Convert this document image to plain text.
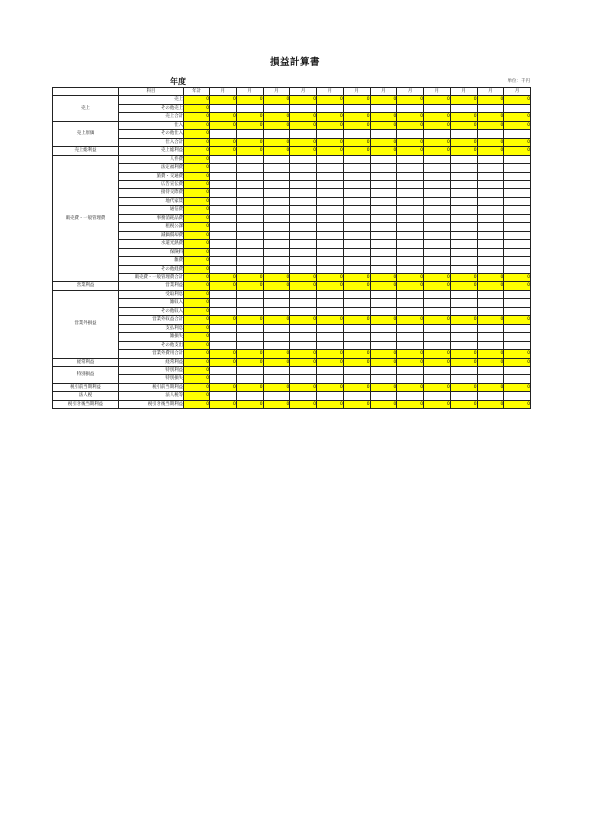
損益計算書
年度	単位：千円
	科目	年計	月	月	月	月	月	月	月	月	月	月	月	月
売上	売上	0	0	0	0	0	0	0	0	0	0	0	0	0
	その他売上	0												
	売上合計	0	0	0	0	0	0	0	0	0	0	0	0	0
売上原価	仕入	0	0	0	0	0	0	0	0	0	0	0	0	0
	その他仕入	0												
	仕入合計	0	0	0	0	0	0	0	0	0	0	0	0	0
売上総利益	売上総利益	0	0	0	0	0	0	0	0	0	0	0	0	0
販売費・一般管理費	人件費	0												
	法定福利費	0												
	旅費・交通費	0												
	広告宣伝費	0												
	接待交際費	0												
	地代家賃	0												
	通信費	0												
	事務消耗品費	0												
	租税公課	0												
	減価償却費	0												
	水道光熱費	0												
	保険料	0												
	雑費	0												
	その他経費	0												
	販売費・一般管理費合計	0	0	0	0	0	0	0	0	0	0	0	0	0
営業利益	営業利益	0	0	0	0	0	0	0	0	0	0	0	0	0
営業外損益	受取利息	0												
	雑収入	0												
	その他収入	0												
	営業外収益合計	0	0	0	0	0	0	0	0	0	0	0	0	0
	支払利息	0												
	雑損失	0												
	その他支出	0												
	営業外費用合計	0	0	0	0	0	0	0	0	0	0	0	0	0
経常利益	経常利益	0	0	0	0	0	0	0	0	0	0	0	0	0
特別損益	特別利益	0												
	特別損失	0												
税引前当期利益	税引前当期利益	0	0	0	0	0	0	0	0	0	0	0	0	0
法人税	法人税等	0												
税引き後当期利益	税引き後当期利益	0	0	0	0	0	0	0	0	0	0	0	0	0
